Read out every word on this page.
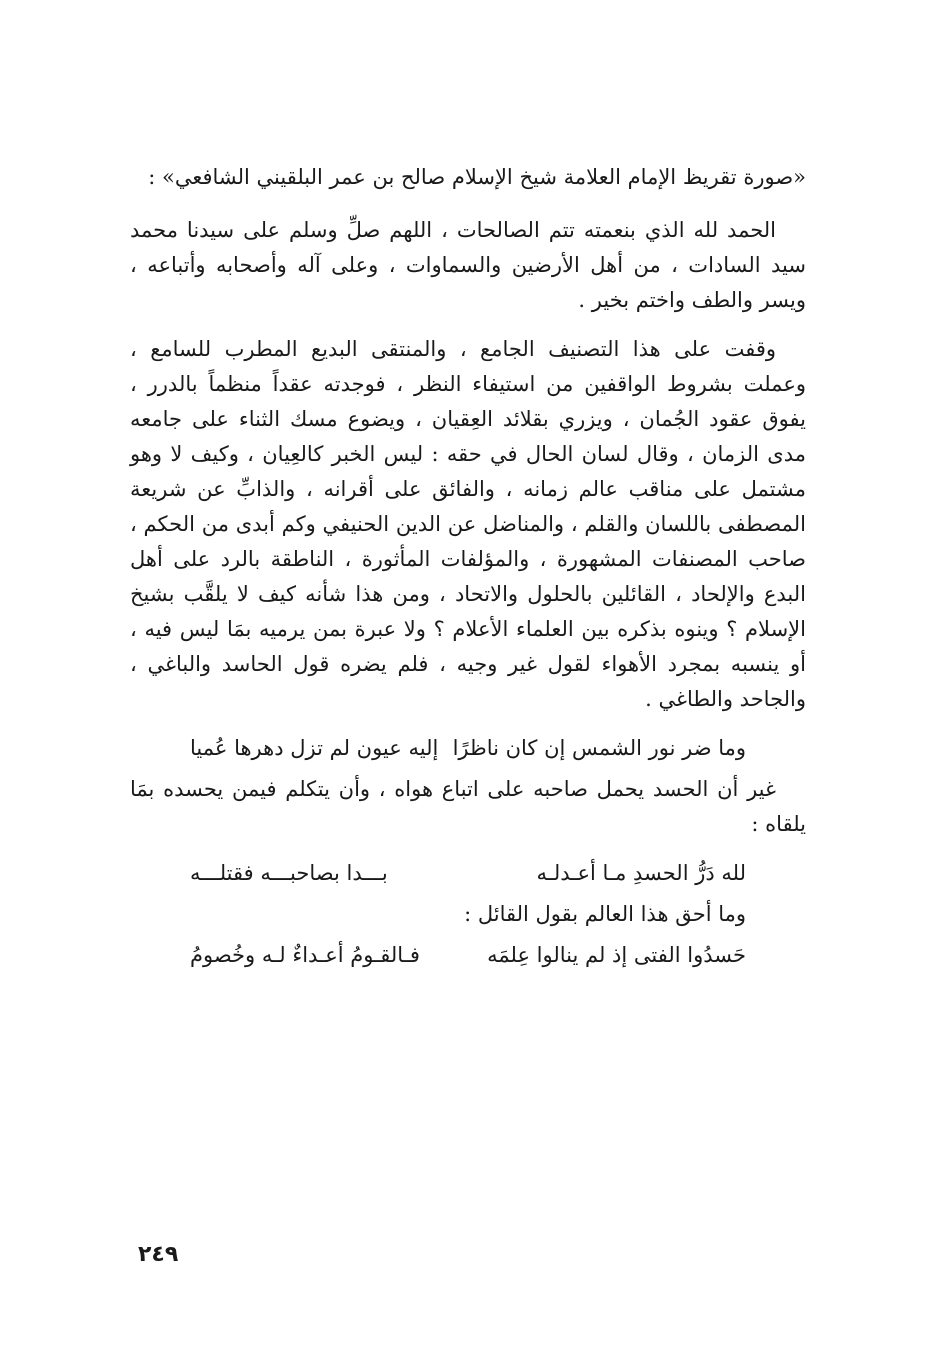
«صورة تقريظ الإمام العلامة شيخ الإسلام صالح بن عمر البلقيني الشافعي» :

الحمد لله الذي بنعمته تتم الصالحات ، اللهم صلِّ وسلم على سيدنا محمد سيد السادات ، من أهل الأرضين والسماوات ، وعلى آله وأصحابه وأتباعه ، ويسر والطف واختم بخير .

وقفت على هذا التصنيف الجامع ، والمنتقى البديع المطرب للسامع ، وعملت بشروط الواقفين من استيفاء النظر ، فوجدته عقداً منظماً بالدرر ، يفوق عقود الجُمان ، ويزري بقلائد العِقيان ، ويضوع مسك الثناء على جامعه مدى الزمان ، وقال لسان الحال في حقه : ليس الخبر كالعِيان ، وكيف لا وهو مشتمل على مناقب عالم زمانه ، والفائق على أقرانه ، والذابِّ عن شريعة المصطفى باللسان والقلم ، والمناضل عن الدين الحنيفي وكم أبدى من الحكم ، صاحب المصنفات المشهورة ، والمؤلفات المأثورة ، الناطقة بالرد على أهل البدع والإلحاد ، القائلين بالحلول والاتحاد ، ومن هذا شأنه كيف لا يلقَّب بشيخ الإسلام ؟ وينوه بذكره بين العلماء الأعلام ؟ ولا عبرة بمن يرميه بمَا ليس فيه ، أو ينسبه بمجرد الأهواء لقول غير وجيه ، فلم يضره قول الحاسد والباغي ، والجاحد والطاغي .

وما ضر نور الشمس إن كان ناظرًا
إليه عيون لم تزل دهرها عُميا

غير أن الحسد يحمل صاحبه على اتباع هواه ، وأن يتكلم فيمن يحسده بمَا يلقاه :

لله دَرُّ الحسدِ مـا أعـدلـه
بـــدا بصاحبـــه فقتلـــه

وما أحق هذا العالم بقول القائل :

حَسدُوا الفتى إذ لم ينالوا عِلمَه
فـالقـومُ أعـداءٌ لـه وخُصومُ
٢٤٩
